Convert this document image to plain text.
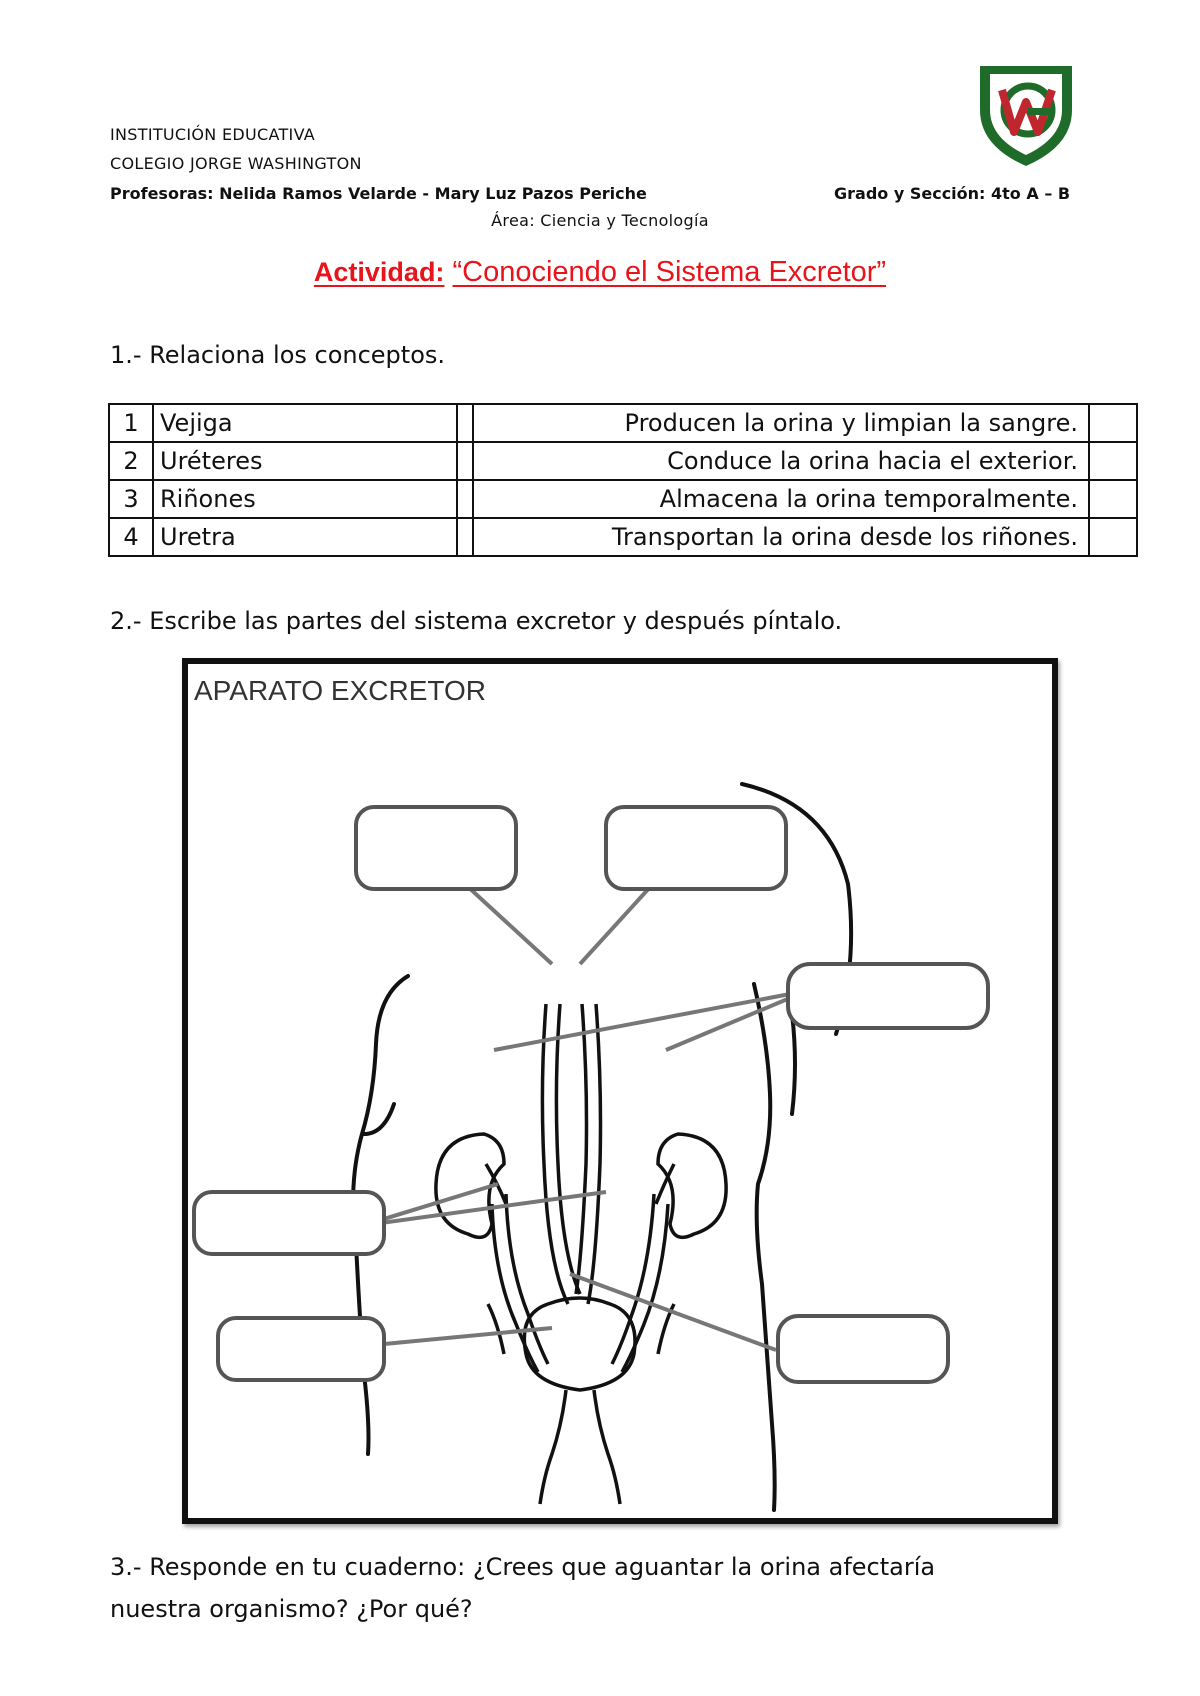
INSTITUCIÓN EDUCATIVA
COLEGIO JORGE WASHINGTON
Profesoras: Nelida Ramos Velarde - Mary Luz Pazos Periche	Grado y Sección: 4to A – B
Área: Ciencia y Tecnología
Actividad: “Conociendo el Sistema Excretor”
1.- Relaciona los conceptos.
1	Vejiga		Producen la orina y limpian la sangre.	
2	Uréteres		Conduce la orina hacia el exterior.	
3	Riñones		Almacena la orina temporalmente.	
4	Uretra		Transportan la orina desde los riñones.	
2.- Escribe las partes del sistema excretor y después píntalo.
APARATO EXCRETOR
3.- Responde en tu cuaderno: ¿Crees que aguantar la orina afectaría
nuestra organismo? ¿Por qué?
